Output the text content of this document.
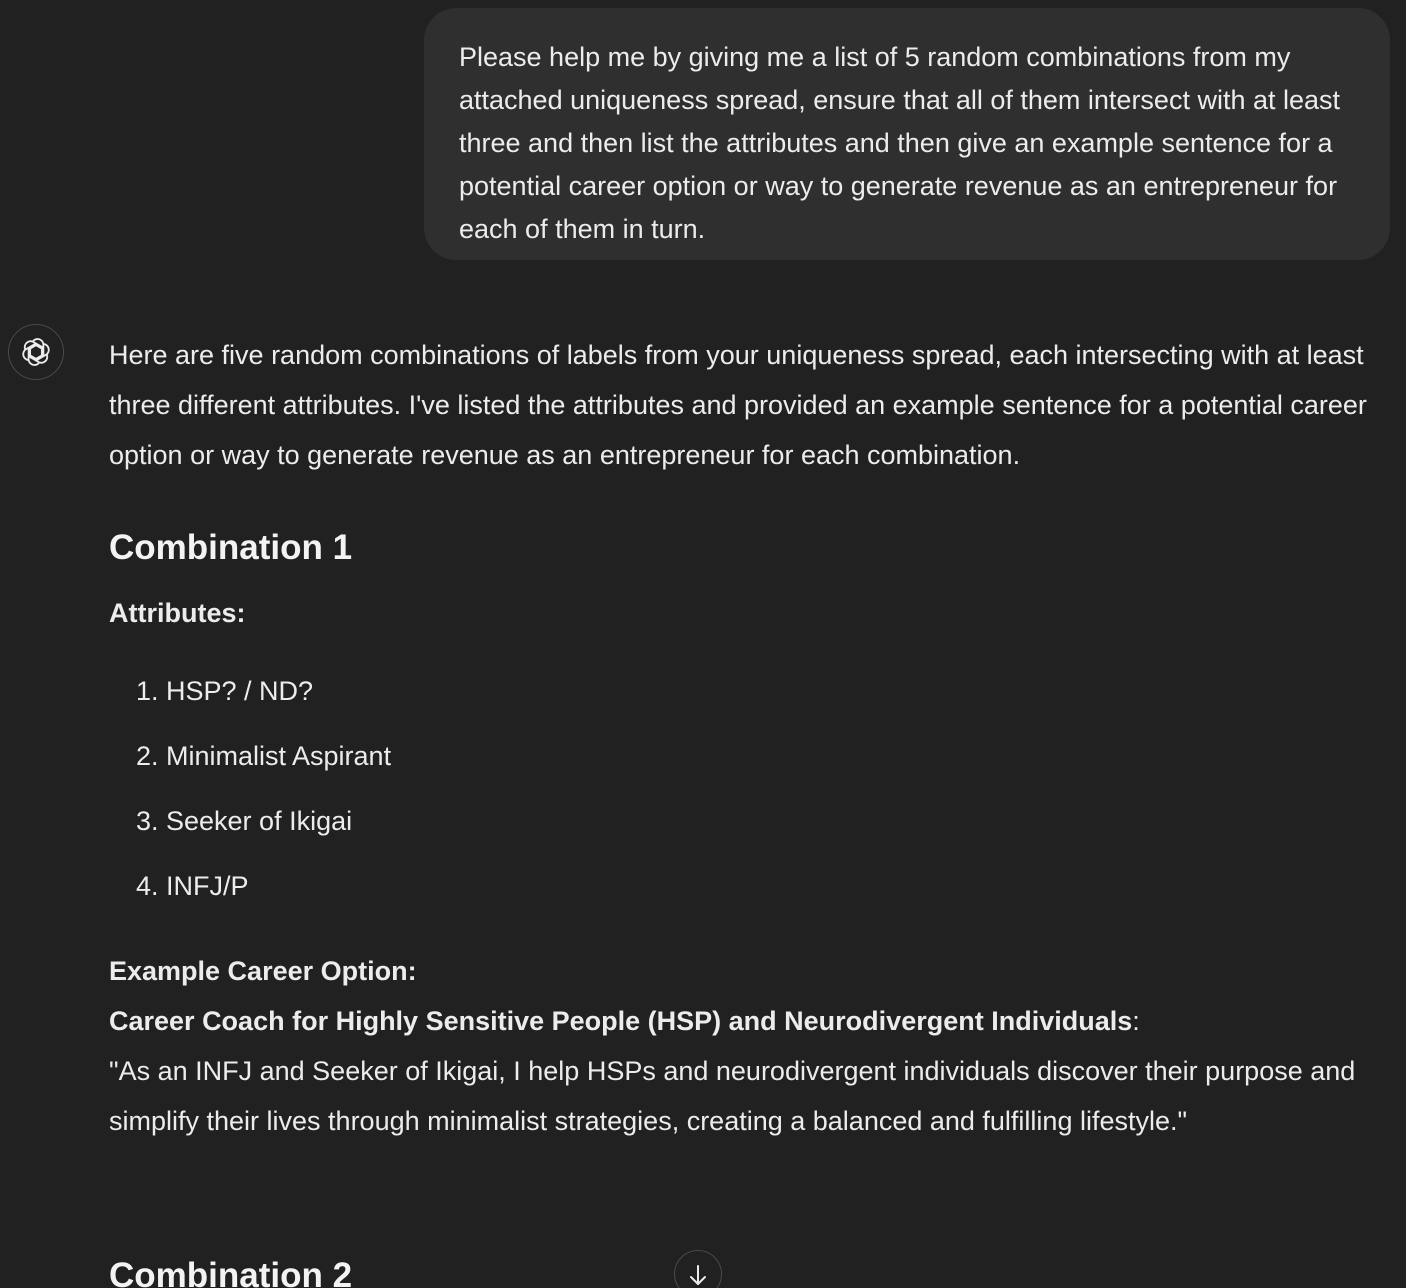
Please help me by giving me a list of 5 random combinations from my attached uniqueness spread, ensure that all of them intersect with at least three and then list the attributes and then give an example sentence for a potential career option or way to generate revenue as an entrepreneur for each of them in turn.

Here are five random combinations of labels from your uniqueness spread, each intersecting with at least three different attributes. I've listed the attributes and provided an example sentence for a potential career option or way to generate revenue as an entrepreneur for each combination.

Combination 1
Attributes:
1. HSP? / ND?
2. Minimalist Aspirant
3. Seeker of Ikigai
4. INFJ/P
Example Career Option:
Career Coach for Highly Sensitive People (HSP) and Neurodivergent Individuals:
"As an INFJ and Seeker of Ikigai, I help HSPs and neurodivergent individuals discover their purpose and simplify their lives through minimalist strategies, creating a balanced and fulfilling lifestyle."
Combination 2
